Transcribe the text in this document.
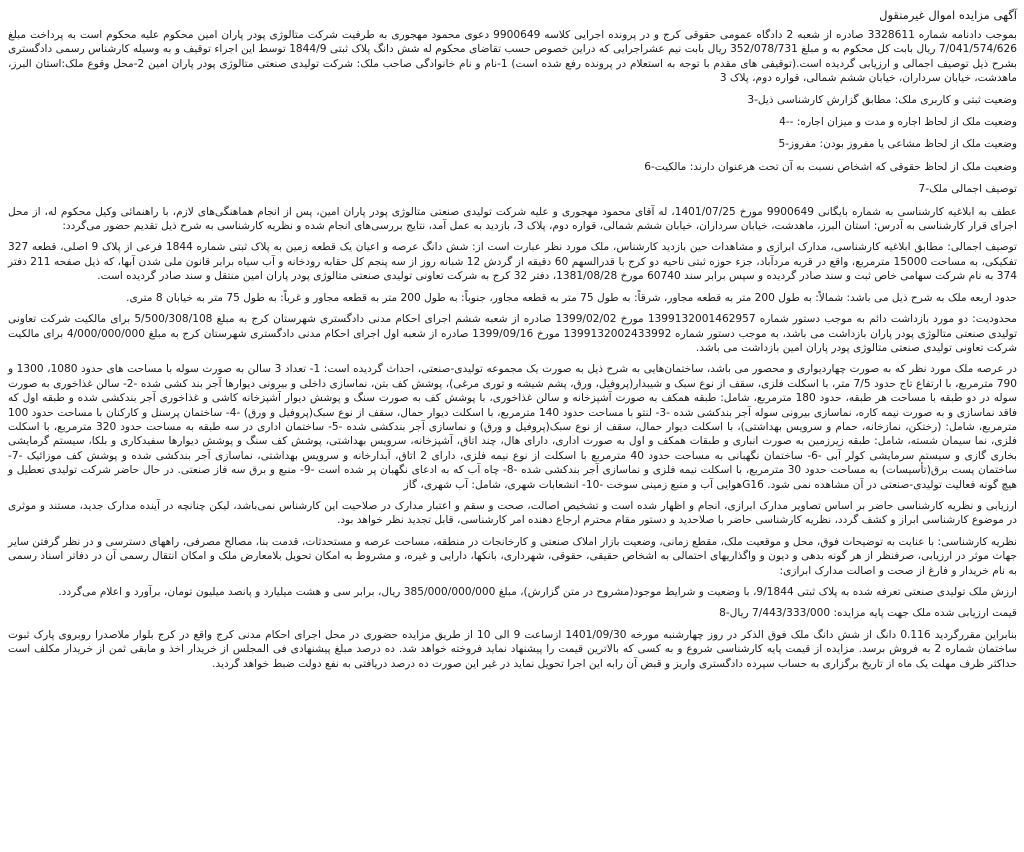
آگهی مزایده اموال غیرمنقول

بموجب دادنامه شماره 3328611 صادره از شعبه 2 دادگاه عمومی حقوقی کرج و در پرونده اجرایی کلاسه 9900649 دعوی محمود مهجوری به طرفیت شرکت متالوژی پودر پاران امین محکوم علیه محکوم است به پرداخت مبلغ 7/041/574/626 ریال بابت کل محکوم به و مبلغ 352/078/731 ریال بابت نیم عشراجرایی که دراین خصوص حسب تقاضای محکوم له شش دانگ پلاک ثبتی 1844/9 توسط این اجراء توقیف و به وسیله کارشناس رسمی دادگستری بشرح ذیل توصیف اجمالی و ارزیابی گردیده است.(توقیفی های مقدم با توجه به استعلام در پرونده رفع شده است) 1-نام و نام خانوادگی صاحب ملک: شرکت تولیدی صنعتی متالوژی پودر پاران امین 2-محل وقوع ملک:استان البرز، ماهدشت، خیابان سرداران، خیابان ششم شمالی، قواره دوم، پلاک 3

وضعیت ثبتی و کاربری ملک: مطابق گزارش کارشناسی ذیل-3

وضعیت ملک از لحاظ اجاره و مدت و میزان اجاره: --4

وضعیت ملک از لحاظ مشاعی یا مفروز بودن: مفروز-5

وضعیت ملک از لحاظ حقوقی که اشخاص نسبت به آن تحت هرعنوان دارند: مالکیت-6

توصیف اجمالی ملک-7

عطف به ابلاغیه کارشناسی به شماره بایگانی 9900649 مورخ 1401/07/25، له آقای محمود مهجوری و علیه شرکت تولیدی صنعتی متالوژی پودر پاران امین، پس از انجام هماهنگی‌های لازم، با راهنمائی وکیل محکوم له، از محل اجرای قرار کارشناسی به آدرس: استان البرز، ماهدشت، خیابان سرداران، خیابان ششم شمالی، قواره دوم، پلاک 3، بازدید به عمل آمد، نتایج بررسی‌های انجام شده و نظریه کارشناسی به شرح ذیل تقدیم حضور می‌گردد:

توصیف اجمالی: مطابق ابلاغیه کارشناسی، مدارک ابرازی و مشاهدات حین بازدید کارشناس، ملک مورد نظر عبارت است از: شش دانگ عرصه و اعیان یک قطعه زمین به پلاک ثبتی شماره 1844 فرعی از پلاک 9 اصلی، قطعه 327 تفکیکی، به مساحت 15000 مترمربع، واقع در قریه مردآباد، جزء حوزه ثبتی ناحیه دو کرج با قدرالسهم 60 دقیقه از گردش 12 شبانه روز از سه پنجم کل حقابه رودخانه و آب سیاه برابر قانون ملی شدن آبها، که ذیل صفحه 211 دفتر 374 به نام شرکت سهامی خاص ثبت و سند صادر گردیده و سپس برابر سند 60740 مورخ 1381/08/28، دفتر 32 کرج به شرکت تعاونی تولیدی صنعتی متالوژی پودر پاران امین منتقل و سند صادر گردیده است.

حدود اربعه ملک به شرح ذیل می باشد: شمالاً: به طول 200 متر به قطعه مجاور، شرقاً: به طول 75 متر به قطعه مجاور، جنوباً: به طول 200 متر به قطعه مجاور و غرباً: به طول 75 متر به خیابان 8 متری.

محدودیت: دو مورد بازداشت دائم به موجب دستور شماره 1399132001462957 مورخ 1399/02/02 صادره از شعبه ششم اجرای احکام مدنی دادگستری شهرستان کرج به مبلغ 5/500/308/108 برای مالکیت شرکت تعاونی تولیدی صنعتی متالوژی پودر پاران بازداشت می باشد، به موجب دستور شماره 1399132002433992 مورخ 1399/09/16 صادره از شعبه اول اجرای احکام مدنی دادگستری شهرستان کرج به مبلغ 4/000/000/000 برای مالکیت شرکت تعاونی تولیدی صنعتی متالوژی پودر پاران امین بازداشت می باشد.

در عرصه ملک مورد نظر که به صورت چهاردیواری و محصور می باشد، ساختمان‌هایی به شرح ذیل به صورت یک مجموعه تولیدی-صنعتی، احداث گردیده است: 1- تعداد 3 سالن به صورت سوله با مساحت های حدود 1080، 1300 و 790 مترمربع، با ارتفاع تاج حدود 7/5 متر، با اسکلت فلزی، سقف از نوع سبک و شیبدار(پروفیل، ورق، پشم شیشه و توری مرغی)، پوشش کف بتن، نماسازی داخلی و بیرونی دیوارها آجر بند کشی شده -2- سالن غذاخوری به صورت سوله در دو طبقه با مساحت هر طبقه، حدود 180 مترمربع، شامل: طبقه همکف به صورت آشپزخانه و سالن غذاخوری، با پوشش کف به صورت سنگ و پوشش دیوار آشپزخانه کاشی و غذاخوری آجر بندکشی شده و طبقه اول که فاقد نماسازی و به صورت نیمه کاره، نماسازی بیرونی سوله آجر بندکشی شده -3- لنتو با مساحت حدود 140 مترمربع، با اسکلت دیوار حمال، سقف از نوع سبک(پروفیل و ورق) -4- ساختمان پرسنل و کارکنان با مساحت حدود 100 مترمربع، شامل: (رختکن، نمازخانه، حمام و سرویس بهداشتی)، با اسکلت دیوار حمال، سقف از نوع سبک(پروفیل و ورق) و نماسازی آجر بندکشی شده -5- ساختمان اداری در سه طبقه به مساحت حدود 320 مترمربع، با اسکلت فلزی، نما سیمان شسته، شامل: طبقه زیرزمین به صورت انباری و طبقات همکف و اول به صورت اداری، دارای هال، چند اتاق، آشپزخانه، سرویس بهداشتی، پوشش کف سنگ و پوشش دیوارها سفیدکاری و بلکا، سیستم گرمایشی بخاری گازی و سیستم سرمایشی کولر آبی -6- ساختمان نگهبانی به مساحت حدود 40 مترمربع با اسکلت از نوع نیمه فلزی، دارای 2 اتاق، آبدارخانه و سرویس بهداشتی، نماسازی آجر بندکشی شده و پوشش کف موزائیک -7- ساختمان پست برق(تأسیسات) به مساحت حدود 30 مترمربع، با اسکلت نیمه فلزی و نماسازی آجر بندکشی شده -8- چاه آب که به ادعای نگهبان پر شده است -9- منبع و برق سه فاز صنعتی. در حال حاضر شرکت تولیدی تعطیل و هیچ گونه فعالیت تولیدی-صنعتی در آن مشاهده نمی شود. G16هوایی آب و منبع زمینی سوخت -10- انشعابات شهری، شامل: آب شهری، گاز

ارزیابی و نظریه کارشناسی حاضر بر اساس تصاویر مدارک ابرازی، انجام و اظهار شده است و تشخیص اصالت، صحت و سقم و اعتبار مدارک در صلاحیت این کارشناس نمی‌باشد، لیکن چنانچه در آینده مدارک جدید، مستند و موثری در موضوع کارشناسی ابراز و کشف گردد، نظریه کارشناسی حاضر با صلاحدید و دستور مقام محترم ارجاع دهنده امر کارشناسی، قابل تجدید نظر خواهد بود.

نظریه کارشناسی: با عنایت به توضیحات فوق، محل و موقعیت ملک، مقطع زمانی، وضعیت بازار املاک صنعتی و کارخانجات در منطقه، مساحت عرصه و مستحدثات، قدمت بنا، مصالح مصرفی، راههای دسترسی و در نظر گرفتن سایر جهات موثر در ارزیابی، صرفنظر از هر گونه بدهی و دیون و واگذاریهای احتمالی به اشخاص حقیقی، حقوقی، شهرداری، بانکها، دارایی و غیره، و مشروط به امکان تحویل بلامعارض ملک و امکان انتقال رسمی آن در دفاتر اسناد رسمی به نام خریدار و فارغ از صحت و اصالت مدارک ابرازی:

ارزش ملک تولیدی صنعتی تعرفه شده به پلاک ثبتی 9/1844، با وضعیت و شرایط موجود(مشروح در متن گزارش)، مبلغ 385/000/000/000 ریال، برابر سی و هشت میلیارد و پانصد میلیون تومان، برآورد و اعلام می‌گردد.

قیمت ارزیابی شده ملک جهت پایه مزایده: 7/443/333/000 ریال-8

بنابراین مقررگردید 0.116 دانگ از شش دانگ ملک فوق الذکر در روز چهارشنبه مورخه 1401/09/30 ازساعت 9 الی 10 از طریق مزایده حضوری در محل اجرای احکام مدنی کرج واقع در کرج بلوار ملاصدرا روبروی پارک ثبوت ساختمان شماره 2 به فروش برسد. مزایده از قیمت پایه کارشناسی شروع و به کسی که بالاترین قیمت را پیشنهاد نماید فروخته خواهد شد. ده درصد مبلغ پیشنهادی فی المجلس از خریدار اخذ و مابقی ثمن از خریدار مکلف است حداکثر ظرف مهلت یک ماه از تاریخ برگزاری به حساب سپرده دادگستری واریز و قبض آن رابه این اجرا تحویل نماید در غیر این صورت ده درصد دریافتی به نفع دولت ضبط خواهد گردید.
